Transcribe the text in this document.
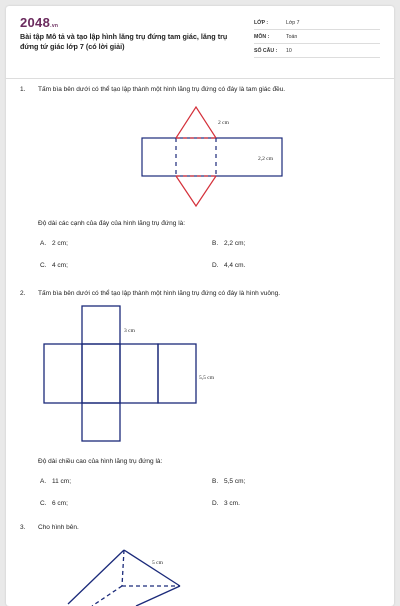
2048.vn
Bài tập Mô tả và tạo lập hình lăng trụ đứng tam giác, lăng trụ đứng tứ giác lớp 7 (có lời giải)
LỚP :	Lớp 7
MÔN :	Toán
SỐ CÂU : 10
1. Tấm bìa bên dưới có thể tạo lập thành một hình lăng trụ đứng có đáy là tam giác đều.
2 cm
2,2 cm
Độ dài các cạnh của đáy của hình lăng trụ đứng là:
A. 2 cm;	B. 2,2 cm;
C. 4 cm;	D. 4,4 cm.
2. Tấm bìa bên dưới có thể tạo lập thành một hình lăng trụ đứng có đáy là hình vuông.
3 cm
5,5 cm
Độ dài chiều cao của hình lăng trụ đứng là:
A. 11 cm;	B. 5,5 cm;
C. 6 cm;	D. 3 cm.
3. Cho hình bên.
5 cm
